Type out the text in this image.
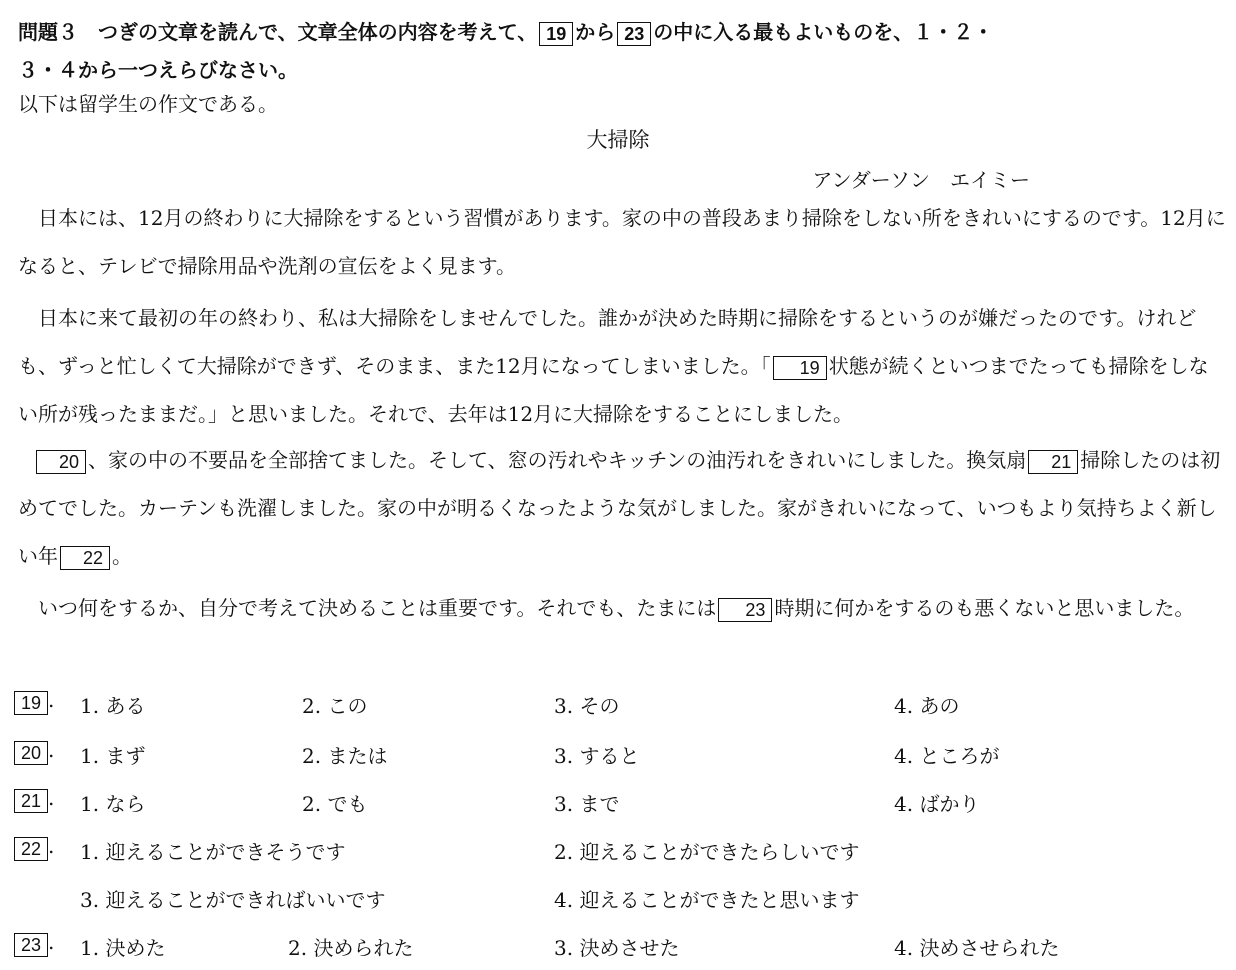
問題３　つぎの文章を読んで、文章全体の内容を考えて、 19 から 23 の中に入る最もよいものを、１・２・
３・４から一つえらびなさい。
以下は留学生の作文である。
大掃除
アンダーソン　エイミー
日本には、12月の終わりに大掃除をするという習慣があります。家の中の普段あまり掃除をしない所をきれいにするのです。12月になると、テレビで掃除用品や洗剤の宣伝をよく見ます。
日本に来て最初の年の終わり、私は大掃除をしませんでした。誰かが決めた時期に掃除をするというのが嫌だったのです。けれども、ずっと忙しくて大掃除ができず、そのまま、また12月になってしまいました。「 19 状態が続くといつまでたっても掃除をしない所が残ったままだ。」と思いました。それで、去年は12月に大掃除をすることにしました。
20 、家の中の不要品を全部捨てました。そして、窓の汚れやキッチンの油汚れをきれいにしました。換気扇 21 掃除したのは初めてでした。カーテンも洗濯しました。家の中が明るくなったような気がしました。家がきれいになって、いつもより気持ちよく新しい年 22 。
いつ何をするか、自分で考えて決めることは重要です。それでも、たまには 23 時期に何かをするのも悪くないと思いました。
19 . 1. ある	2. この	3. その	4. あの
20 . 1. まず	2. または	3. すると	4. ところが
21 . 1. なら	2. でも	3. まで	4. ばかり
22 . 1. 迎えることができそうです	2. 迎えることができたらしいです
3. 迎えることができればいいです	4. 迎えることができたと思います
23 . 1. 決めた	2. 決められた	3. 決めさせた	4. 決めさせられた
